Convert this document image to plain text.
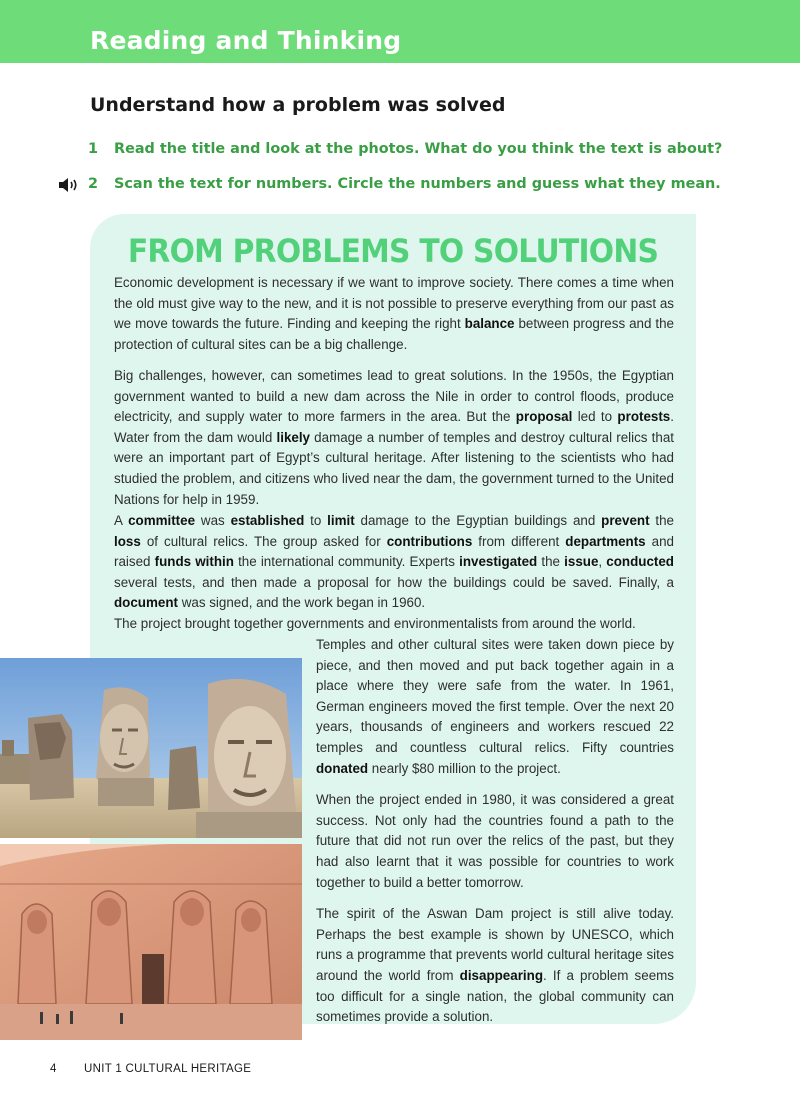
Reading and Thinking
Understand how a problem was solved
1 Read the title and look at the photos. What do you think the text is about?
2 Scan the text for numbers. Circle the numbers and guess what they mean.
FROM PROBLEMS TO SOLUTIONS

Economic development is necessary if we want to improve society. There comes a time when the old must give way to the new, and it is not possible to preserve everything from our past as we move towards the future. Finding and keeping the right balance between progress and the protection of cultural sites can be a big challenge.

Big challenges, however, can sometimes lead to great solutions. In the 1950s, the Egyptian government wanted to build a new dam across the Nile in order to control floods, produce electricity, and supply water to more farmers in the area. But the proposal led to protests. Water from the dam would likely damage a number of temples and destroy cultural relics that were an important part of Egypt’s cultural heritage. After listening to the scientists who had studied the problem, and citizens who lived near the dam, the government turned to the United Nations for help in 1959.

A committee was established to limit damage to the Egyptian buildings and prevent the loss of cultural relics. The group asked for contributions from different departments and raised funds within the international community. Experts investigated the issue, conducted several tests, and then made a proposal for how the buildings could be saved. Finally, a document was signed, and the work began in 1960.

The project brought together governments and environmentalists from around the world.

Temples and other cultural sites were taken down piece by piece, and then moved and put back together again in a place where they were safe from the water. In 1961, German engineers moved the first temple. Over the next 20 years, thousands of engineers and workers rescued 22 temples and countless cultural relics. Fifty countries donated nearly $80 million to the project.

When the project ended in 1980, it was considered a great success. Not only had the countries found a path to the future that did not run over the relics of the past, but they had also learnt that it was possible for countries to work together to build a better tomorrow.

The spirit of the Aswan Dam project is still alive today. Perhaps the best example is shown by UNESCO, which runs a programme that prevents world cultural heritage sites around the world from disappearing. If a problem seems too difficult for a single nation, the global community can sometimes provide a solution.

4 UNIT 1 CULTURAL HERITAGE
